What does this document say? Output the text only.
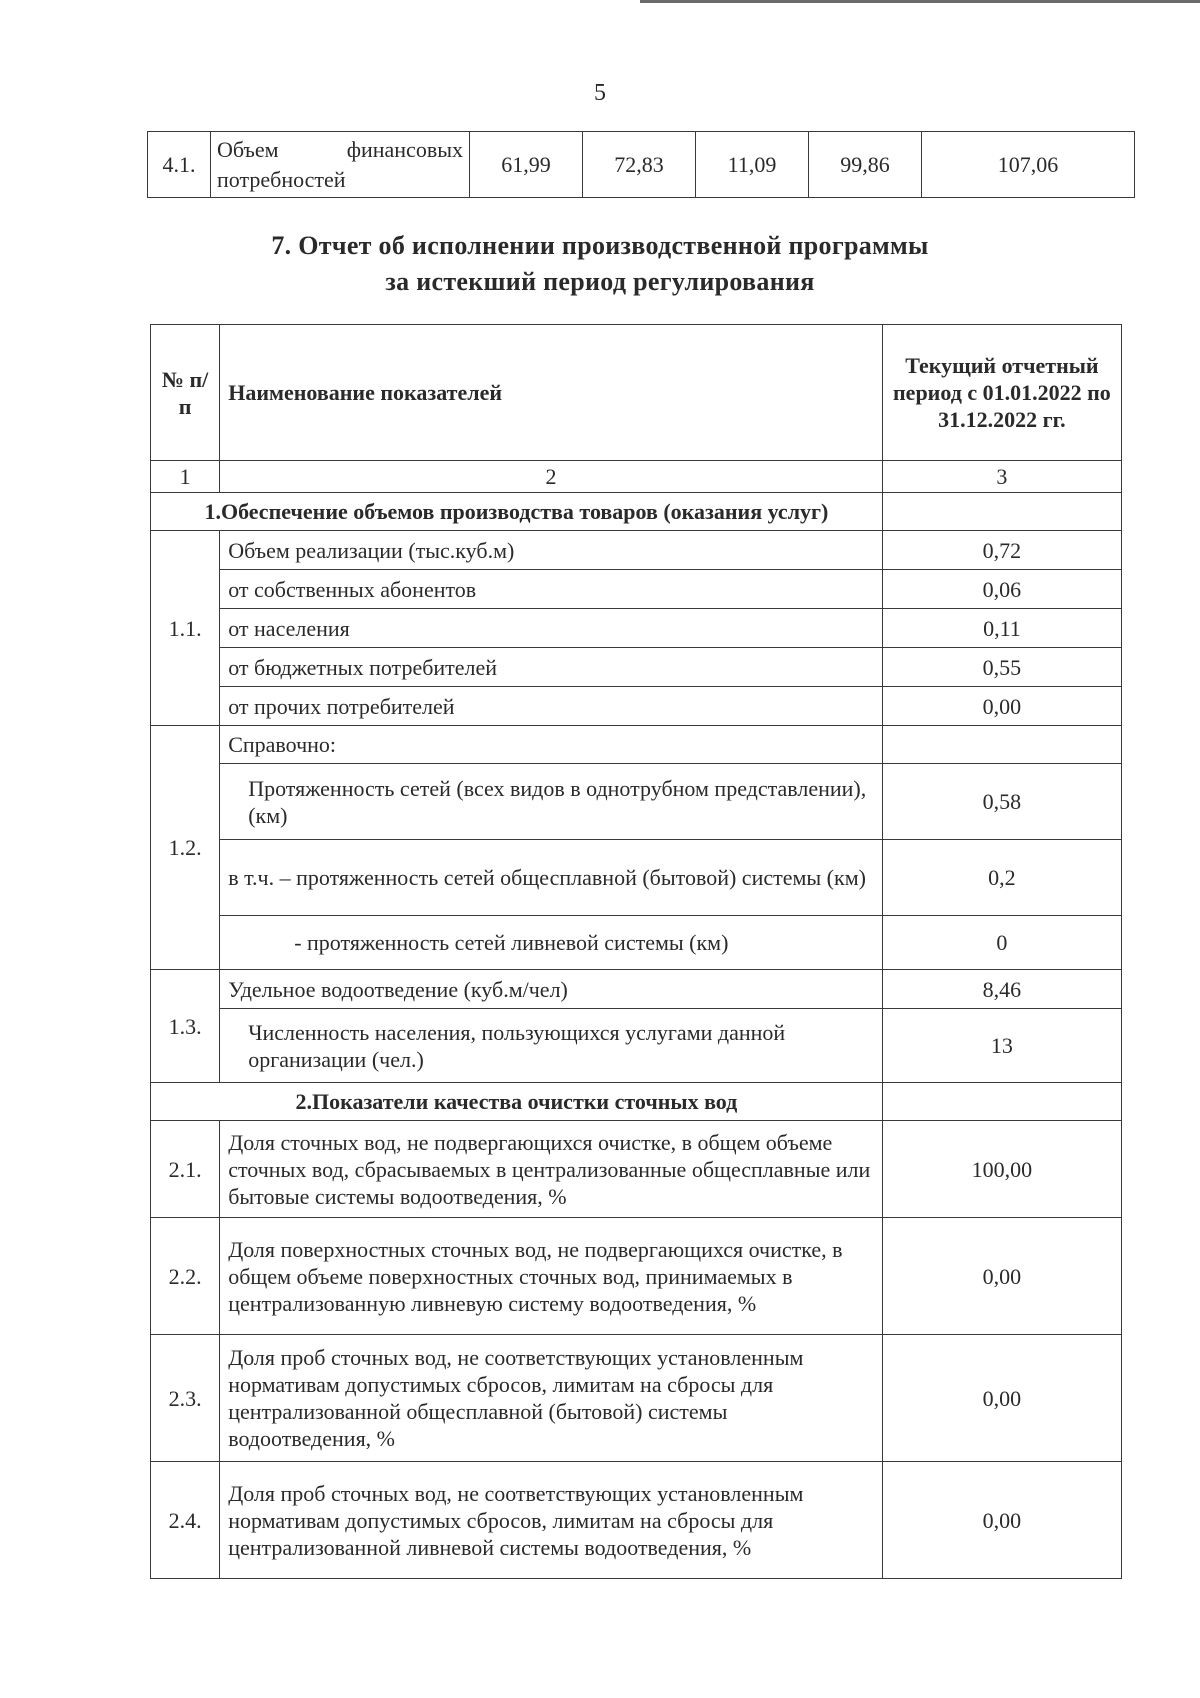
5
4.1.	Объем финансовых потребностей	61,99	72,83	11,09	99,86	107,06
7. Отчет об исполнении производственной программы
за истекший период регулирования
№ п/п	Наименование показателей	Текущий отчетный период с 01.01.2022 по 31.12.2022 гг.
1	2	3
1.Обеспечение объемов производства товаров (оказания услуг)		
1.1.	Объем реализации (тыс.куб.м)	0,72
	от собственных абонентов	0,06
	от населения	0,11
	от бюджетных потребителей	0,55
	от прочих потребителей	0,00
1.2.	Справочно:	
	Протяженность сетей (всех видов в однотрубном представлении), (км)	0,58
	в т.ч. – протяженность сетей общесплавной (бытовой) системы (км)	0,2
	- протяженность сетей ливневой системы (км)	0
1.3.	Удельное водоотведение (куб.м/чел)	8,46
	Численность населения, пользующихся услугами данной организации (чел.)	13
2.Показатели качества очистки сточных вод		
2.1.	Доля сточных вод, не подвергающихся очистке, в общем объеме сточных вод, сбрасываемых в централизованные общесплавные или бытовые системы водоотведения, %	100,00
2.2.	Доля поверхностных сточных вод, не подвергающихся очистке, в общем объеме поверхностных сточных вод, принимаемых в централизованную ливневую систему водоотведения, %	0,00
2.3.	Доля проб сточных вод, не соответствующих установленным нормативам допустимых сбросов, лимитам на сбросы для централизованной общесплавной (бытовой) системы водоотведения, %	0,00
2.4.	Доля проб сточных вод, не соответствующих установленным нормативам допустимых сбросов, лимитам на сбросы для централизованной ливневой системы водоотведения, %	0,00
